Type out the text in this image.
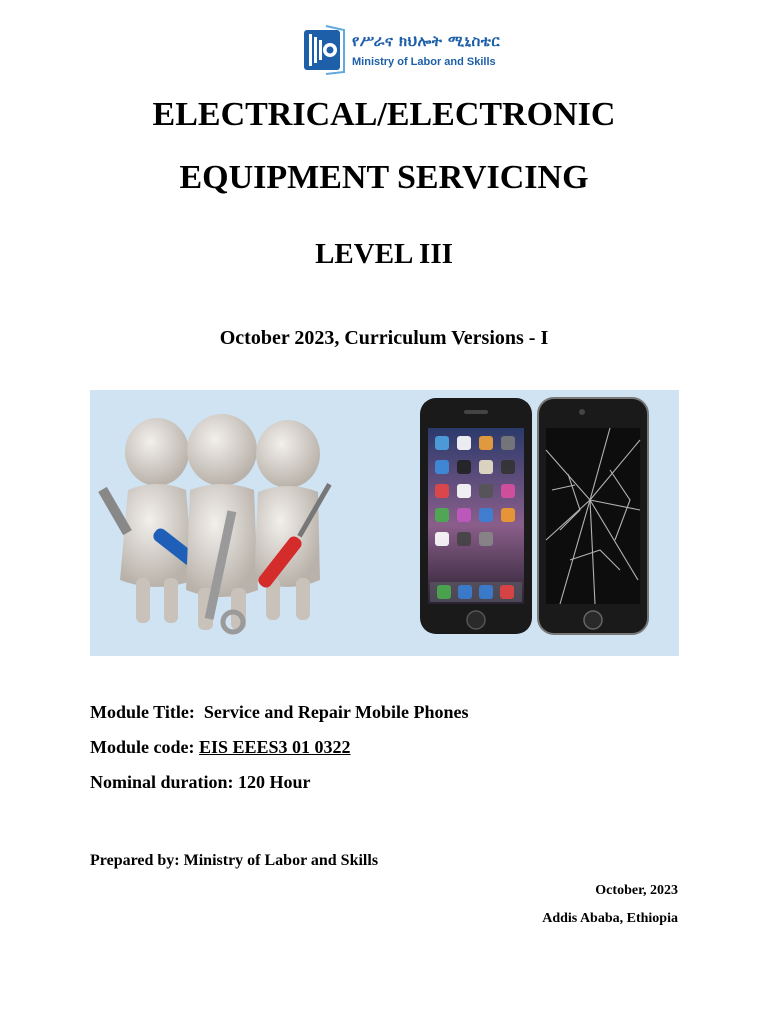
የሥራና ክህሎት ሚኒስቴር
Ministry of Labor and Skills
ELECTRICAL/ELECTRONIC
EQUIPMENT SERVICING
LEVEL III
October 2023, Curriculum Versions - I
Module Title: Service and Repair Mobile Phones
Module code: EIS EEES3 01 0322
Nominal duration: 120 Hour
Prepared by: Ministry of Labor and Skills
October, 2023
Addis Ababa, Ethiopia
